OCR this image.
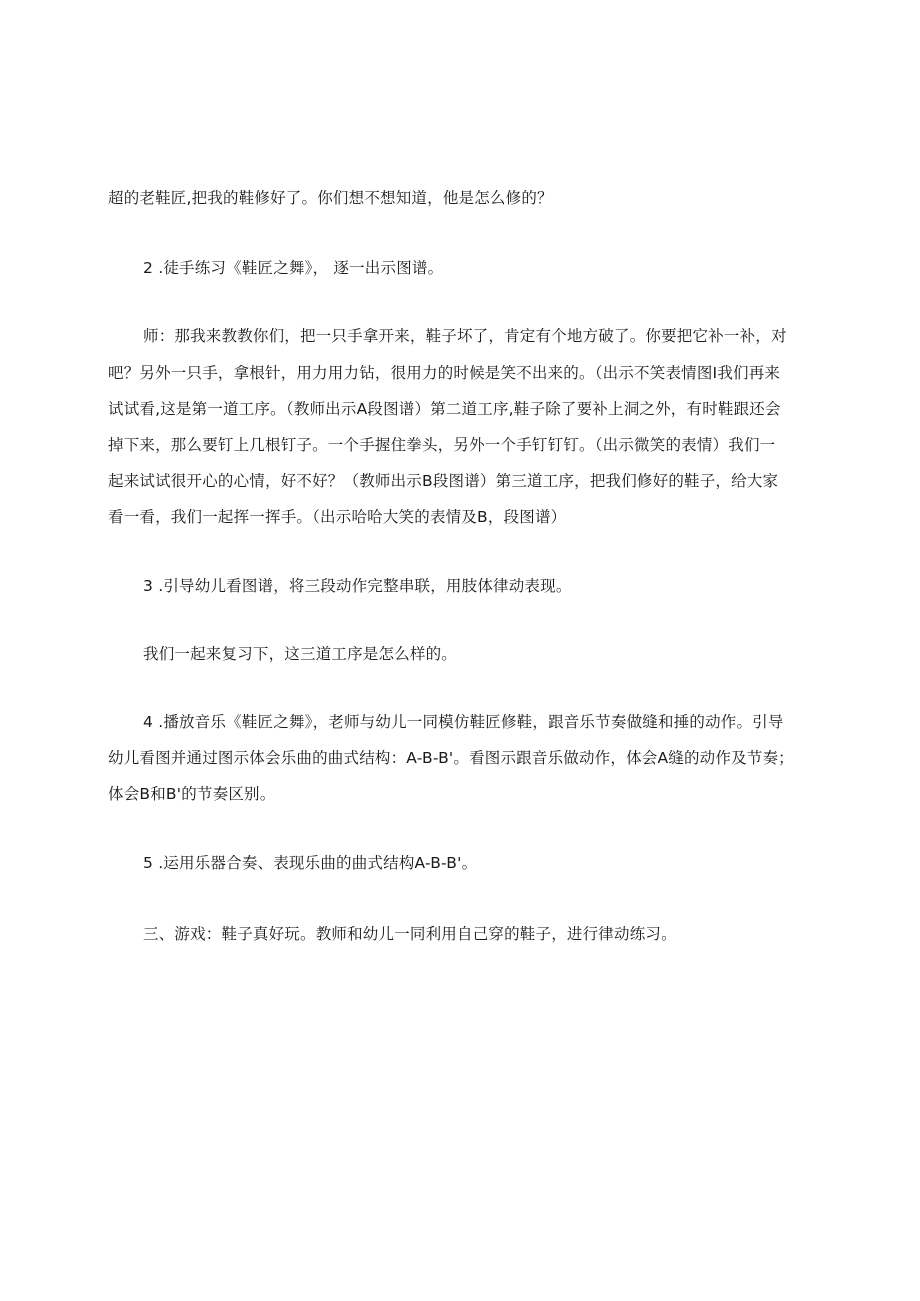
超的老鞋匠,把我的鞋修好了。你们想不想知道，他是怎么修的？
2 .徒手练习《鞋匠之舞》， 逐一出示图谱。
师：那我来教教你们，把一只手拿开来，鞋子坏了，肯定有个地方破了。你要把它补一补，对
吧？另外一只手，拿根针，用力用力钻，很用力的时候是笑不出来的。（出示不笑表情图I我们再来
试试看,这是第一道工序。（教师出示A段图谱）第二道工序,鞋子除了要补上洞之外，有时鞋跟还会
掉下来，那么要钉上几根钉子。一个手握住拳头，另外一个手钉钉钉。（出示微笑的表情）我们一
起来试试很开心的心情，好不好？（教师出示B段图谱）第三道工序，把我们修好的鞋子，给大家
看一看，我们一起挥一挥手。（出示哈哈大笑的表情及B，段图谱）
3 .引导幼儿看图谱，将三段动作完整串联，用肢体律动表现。
我们一起来复习下，这三道工序是怎么样的。
4 .播放音乐《鞋匠之舞》，老师与幼儿一同模仿鞋匠修鞋，跟音乐节奏做缝和捶的动作。引导
幼儿看图并通过图示体会乐曲的曲式结构：A-B-B'。看图示跟音乐做动作，体会A缝的动作及节奏；
体会B和B'的节奏区别。
5 .运用乐器合奏、表现乐曲的曲式结构A-B-B'。
三、游戏：鞋子真好玩。教师和幼儿一同利用自己穿的鞋子，进行律动练习。
